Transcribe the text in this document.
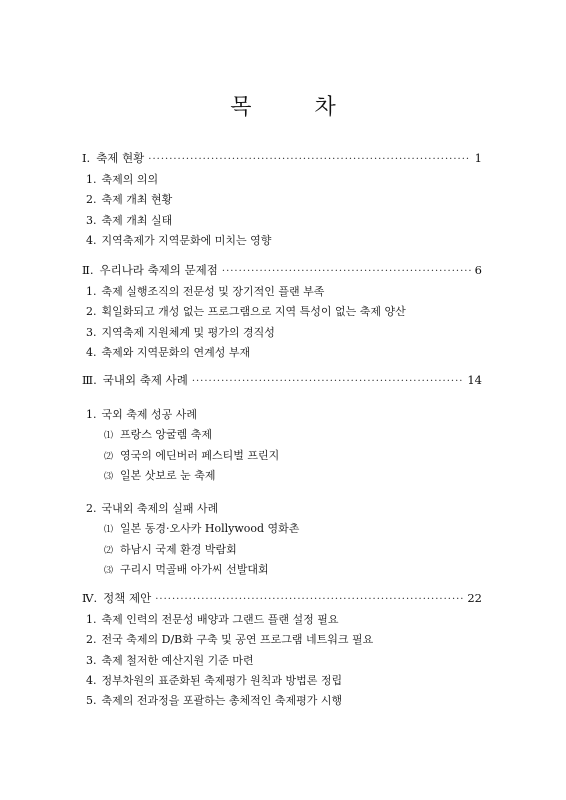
목 차
Ⅰ. 축제 현황 ·····	1
1. 축제의 의의
2. 축제 개최 현황
3. 축제 개최 실태
4. 지역축제가 지역문화에 미치는 영향
Ⅱ. 우리나라 축제의 문제점 ·····	6
1. 축제 실행조직의 전문성 및 장기적인 플랜 부족
2. 획일화되고 개성 없는 프로그램으로 지역 특성이 없는 축제 양산
3. 지역축제 지원체계 및 평가의 경직성
4. 축제와 지역문화의 연계성 부재
Ⅲ. 국내외 축제 사례 ·····	14
1. 국외 축제 성공 사례
⑴ 프랑스 앙굴렘 축제
⑵ 영국의 에딘버러 페스티벌 프린지
⑶ 일본 삿보로 눈 축제
2. 국내외 축제의 실패 사례
⑴ 일본 동경·오사카 Hollywood 영화촌
⑵ 하남시 국제 환경 박람회
⑶ 구리시 먹골배 아가씨 선발대회
Ⅳ. 정책 제안 ·····	22
1. 축제 인력의 전문성 배양과 그랜드 플랜 설정 필요
2. 전국 축제의 D/B화 구축 및 공연 프로그램 네트워크 필요
3. 축제 철저한 예산지원 기준 마련
4. 정부차원의 표준화된 축제평가 원칙과 방법론 정립
5. 축제의 전과정을 포괄하는 총체적인 축제평가 시행
